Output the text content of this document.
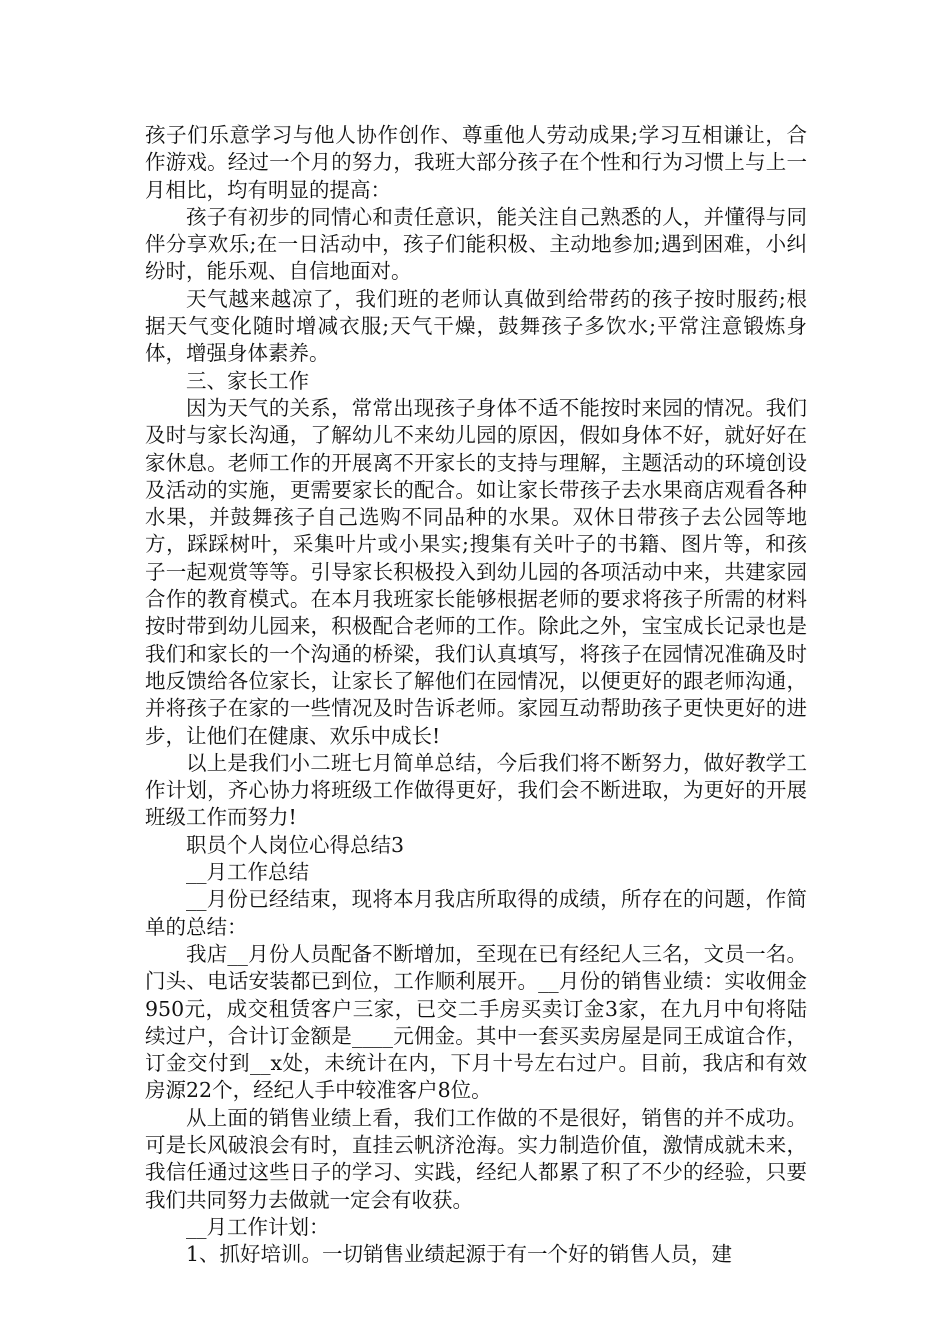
孩子们乐意学习与他人协作创作、尊重他人劳动成果;学习互相谦让，合作游戏。经过一个月的努力，我班大部分孩子在个性和行为习惯上与上一月相比，均有明显的提高：

孩子有初步的同情心和责任意识，能关注自己熟悉的人，并懂得与同伴分享欢乐;在一日活动中，孩子们能积极、主动地参加;遇到困难，小纠纷时，能乐观、自信地面对。

天气越来越凉了，我们班的老师认真做到给带药的孩子按时服药;根据天气变化随时增减衣服;天气干燥，鼓舞孩子多饮水;平常注意锻炼身体，增强身体素养。

三、家长工作

因为天气的关系，常常出现孩子身体不适不能按时来园的情况。我们及时与家长沟通，了解幼儿不来幼儿园的原因，假如身体不好，就好好在家休息。老师工作的开展离不开家长的支持与理解，主题活动的环境创设及活动的实施，更需要家长的配合。如让家长带孩子去水果商店观看各种水果，并鼓舞孩子自己选购不同品种的水果。双休日带孩子去公园等地方，踩踩树叶，采集叶片或小果实;搜集有关叶子的书籍、图片等，和孩子一起观赏等等。引导家长积极投入到幼儿园的各项活动中来，共建家园合作的教育模式。在本月我班家长能够根据老师的要求将孩子所需的材料按时带到幼儿园来，积极配合老师的工作。除此之外，宝宝成长记录也是我们和家长的一个沟通的桥梁，我们认真填写，将孩子在园情况准确及时地反馈给各位家长，让家长了解他们在园情况，以便更好的跟老师沟通，并将孩子在家的一些情况及时告诉老师。家园互动帮助孩子更快更好的进步，让他们在健康、欢乐中成长!

以上是我们小二班七月简单总结，今后我们将不断努力，做好教学工作计划，齐心协力将班级工作做得更好，我们会不断进取，为更好的开展班级工作而努力!

职员个人岗位心得总结3

__月工作总结

__月份已经结束，现将本月我店所取得的成绩，所存在的问题，作简单的总结：

我店__月份人员配备不断增加，至现在已有经纪人三名，文员一名。门头、电话安装都已到位，工作顺利展开。__月份的销售业绩：实收佣金950元，成交租赁客户三家，已交二手房买卖订金3家，在九月中旬将陆续过户，合计订金额是____元佣金。其中一套买卖房屋是同王成谊合作，订金交付到__x处，未统计在内，下月十号左右过户。目前，我店和有效房源22个，经纪人手中较准客户8位。

从上面的销售业绩上看，我们工作做的不是很好，销售的并不成功。可是长风破浪会有时，直挂云帆济沧海。实力制造价值，激情成就未来，我信任通过这些日子的学习、实践，经纪人都累了积了不少的经验，只要我们共同努力去做就一定会有收获。

__月工作计划：

1、抓好培训。一切销售业绩起源于有一个好的销售人员，建
